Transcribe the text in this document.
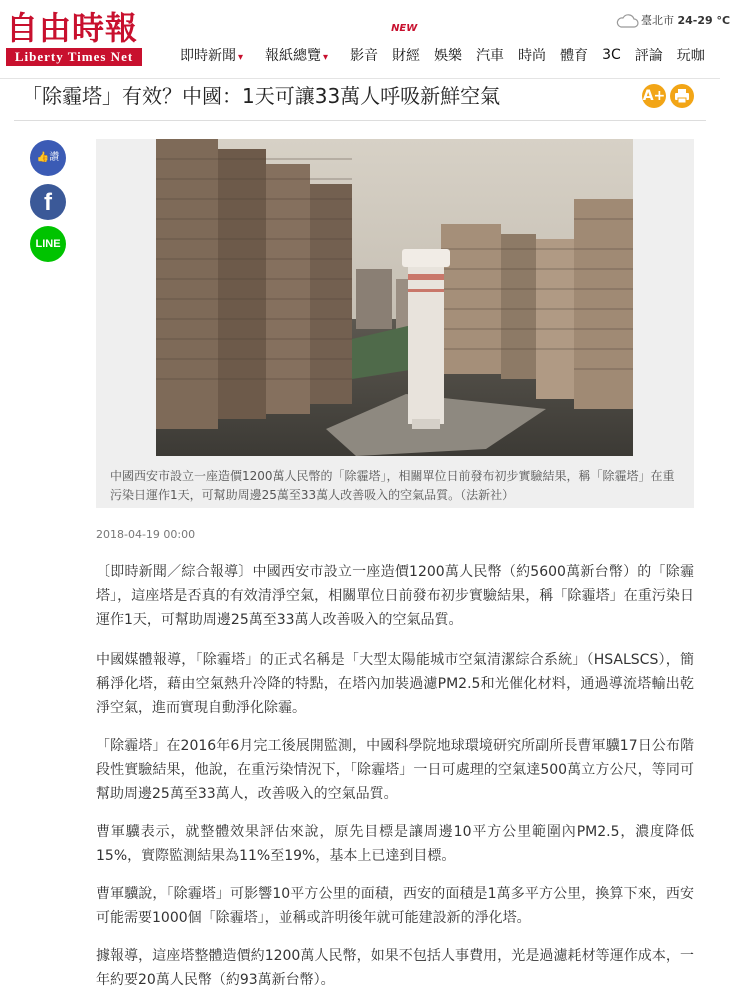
自由時報
Liberty Times Net
臺北市 24-29 °C
即時新聞 ▾	報紙總覽 ▾	影音
NEW
財經 娛樂 汽車 時尚 體育 3C 評論 玩咖
「除霾塔」有效？中國：1天可讓33萬人呼吸新鮮空氣	A+
👍讚
f
LINE
中國西安市設立一座造價1200萬人民幣的「除霾塔」，相關單位日前發布初步實驗結果，稱「除霾塔」在重污染日運作1天，可幫助周邊25萬至33萬人改善吸入的空氣品質。（法新社）
2018-04-19 00:00

〔即時新聞／綜合報導〕中國西安市設立一座造價1200萬人民幣（約5600萬新台幣）的「除霾塔」，這座塔是否真的有效清淨空氣，相關單位日前發布初步實驗結果，稱「除霾塔」在重污染日運作1天，可幫助周邊25萬至33萬人改善吸入的空氣品質。

中國媒體報導，「除霾塔」的正式名稱是「大型太陽能城市空氣清潔綜合系統」（HSALSCS），簡稱淨化塔，藉由空氣熱升冷降的特點，在塔內加裝過濾PM2.5和光催化材料，通過導流塔輸出乾淨空氣，進而實現自動淨化除霾。

「除霾塔」在2016年6月完工後展開監測，中國科學院地球環境研究所副所長曹軍驥17日公布階段性實驗結果，他說，在重污染情況下，「除霾塔」一日可處理的空氣達500萬立方公尺，等同可幫助周邊25萬至33萬人，改善吸入的空氣品質。

曹軍驥表示，就整體效果評估來說，原先目標是讓周邊10平方公里範圍內PM2.5，濃度降低15%，實際監測結果為11%至19%，基本上已達到目標。

曹軍驥說，「除霾塔」可影響10平方公里的面積，西安的面積是1萬多平方公里，換算下來，西安可能需要1000個「除霾塔」，並稱或許明後年就可能建設新的淨化塔。

據報導，這座塔整體造價約1200萬人民幣，如果不包括人事費用，光是過濾耗材等運作成本，一年約要20萬人民幣（約93萬新台幣）。
